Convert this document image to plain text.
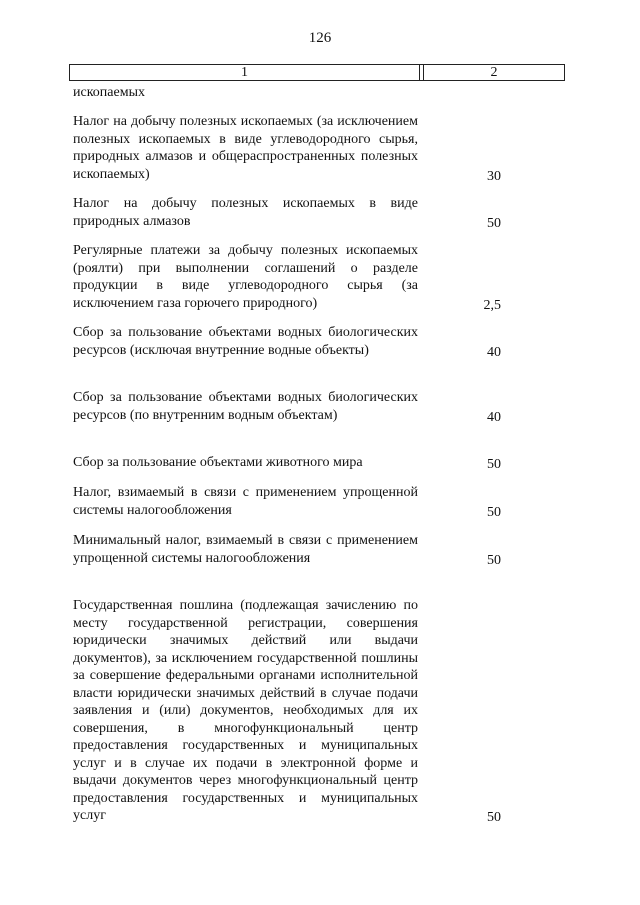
126
1	2
ископаемых
Налог на добычу полезных ископаемых (за исключением полезных ископаемых в виде углеводородного сырья, природных алмазов и общераспространенных полезных ископаемых)	30
Налог на добычу полезных ископаемых в виде природных алмазов	50
Регулярные платежи за добычу полезных ископаемых (роялти) при выполнении соглашений о разделе продукции в виде углеводородного сырья (за исключением газа горючего природного)	2,5
Сбор за пользование объектами водных биологических ресурсов (исключая внутренние водные объекты)	40
Сбор за пользование объектами водных биологических ресурсов (по внутренним водным объектам)	40
Сбор за пользование объектами животного мира	50
Налог, взимаемый в связи с применением упрощенной системы налогообложения	50
Минимальный налог, взимаемый в связи с применением упрощенной системы налогообложения	50
Государственная пошлина (подлежащая зачислению по месту государственной регистрации, совершения юридически значимых действий или выдачи документов), за исключением государственной пошлины за совершение федеральными органами исполнительной власти юридически значимых действий в случае подачи заявления и (или) документов, необходимых для их совершения, в многофункциональный центр предоставления государственных и муниципальных услуг и в случае их подачи в электронной форме и выдачи документов через многофункциональный центр предоставления государственных и муниципальных услуг	50
